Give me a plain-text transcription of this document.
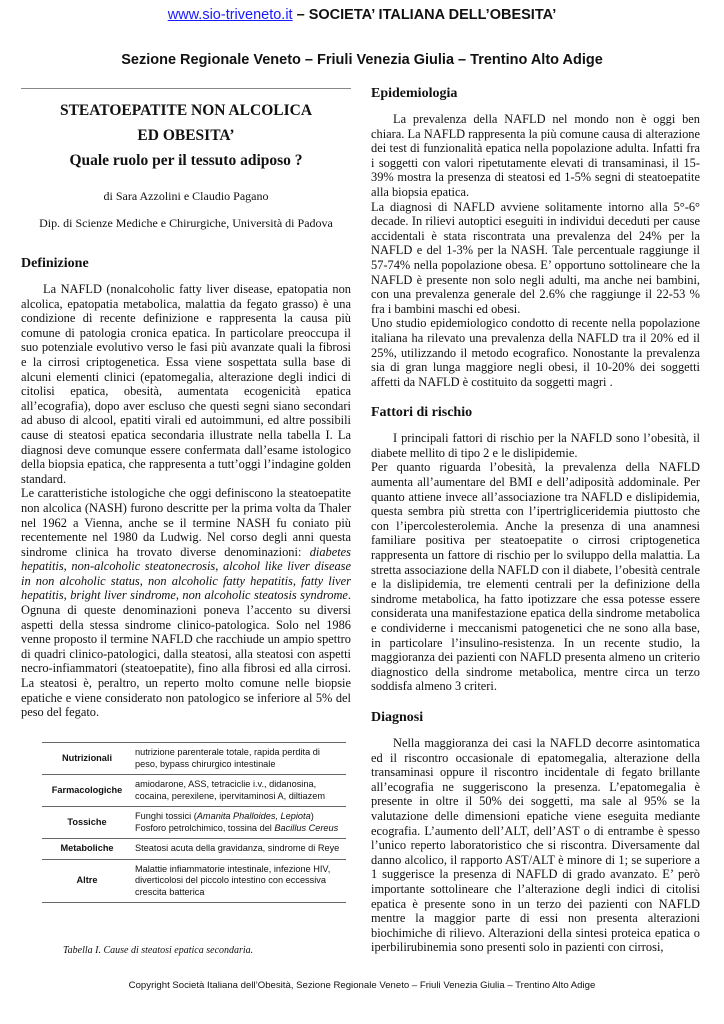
www.sio-triveneto.it – SOCIETA’ ITALIANA DELL’OBESITA’
Sezione Regionale Veneto – Friuli Venezia Giulia – Trentino Alto Adige
STEATOEPATITE NON ALCOLICA
ED OBESITA’
Quale ruolo per il tessuto adiposo ?
di Sara Azzolini e Claudio Pagano
Dip. di Scienze Mediche e Chirurgiche, Università di Padova
Definizione

La NAFLD (nonalcoholic fatty liver disease, epatopatia non alcolica, epatopatia metabolica, malattia da fegato grasso) è una condizione di recente definizione e rappresenta la causa più comune di patologia cronica epatica. In particolare preoccupa il suo potenziale evolutivo verso le fasi più avanzate quali la fibrosi e la cirrosi criptogenetica. Essa viene sospettata sulla base di alcuni elementi clinici (epatomegalia, alterazione degli indici di citolisi epatica, obesità, aumentata ecogenicità epatica all’ecografia), dopo aver escluso che questi segni siano secondari ad abuso di alcool, epatiti virali ed autoimmuni, ed altre possibili cause di steatosi epatica secondaria illustrate nella tabella I. La diagnosi deve comunque essere confermata dall’esame istologico della biopsia epatica, che rappresenta a tutt’oggi l’indagine golden standard.

Le caratteristiche istologiche che oggi definiscono la steatoepatite non alcolica (NASH) furono descritte per la prima volta da Thaler nel 1962 a Vienna, anche se il termine NASH fu coniato più recentemente nel 1980 da Ludwig. Nel corso degli anni questa sindrome clinica ha trovato diverse denominazioni: diabetes hepatitis, non-alcoholic steatonecrosis, alcohol like liver disease in non alcoholic status, non alcoholic fatty hepatitis, fatty liver hepatitis, bright liver sindrome, non alcoholic steatosis syndrome. Ognuna di queste denominazioni poneva l’accento su diversi aspetti della stessa sindrome clinico-patologica. Solo nel 1986 venne proposto il termine NAFLD che racchiude un ampio spettro di quadri clinico-patologici, dalla steatosi, alla steatosi con aspetti necro-infiammatori (steatoepatite), fino alla fibrosi ed alla cirrosi. La steatosi è, peraltro, un reperto molto comune nelle biopsie epatiche e viene considerato non patologico se inferiore al 5% del peso del fegato.

Nutrizionali	nutrizione parenterale totale, rapida perdita di peso, bypass chirurgico intestinale
Farmacologiche	amiodarone, ASS, tetraciclie i.v., didanosina, cocaina, perexilene, ipervitaminosi A, diltiazem
Tossiche	Funghi tossici (Amanita Phalloides, Lepiota) Fosforo petrolchimico, tossina del Bacillus Cereus
Metaboliche	Steatosi acuta della gravidanza, sindrome di Reye
Altre	Malattie infiammatorie intestinale, infezione HIV, diverticolosi del piccolo intestino con eccessiva crescita batterica
Tabella I. Cause di steatosi epatica secondaria.
Epidemiologia

La prevalenza della NAFLD nel mondo non è oggi ben chiara. La NAFLD rappresenta la più comune causa di alterazione dei test di funzionalità epatica nella popolazione adulta. Infatti fra i soggetti con valori ripetutamente elevati di transaminasi, il 15-39% mostra la presenza di steatosi ed 1-5% segni di steatoepatite alla biopsia epatica.

La diagnosi di NAFLD avviene solitamente intorno alla 5°-6° decade. In rilievi autoptici eseguiti in individui deceduti per cause accidentali è stata riscontrata una prevalenza del 24% per la NAFLD e del 1-3% per la NASH. Tale percentuale raggiunge il 57-74% nella popolazione obesa. E’ opportuno sottolineare che la NAFLD è presente non solo negli adulti, ma anche nei bambini, con una prevalenza generale del 2.6% che raggiunge il 22-53 % fra i bambini maschi ed obesi.

Uno studio epidemiologico condotto di recente nella popolazione italiana ha rilevato una prevalenza della NAFLD tra il 20% ed il 25%, utilizzando il metodo ecografico. Nonostante la prevalenza sia di gran lunga maggiore negli obesi, il 10-20% dei soggetti affetti da NAFLD è costituito da soggetti magri .

Fattori di rischio

I principali fattori di rischio per la NAFLD sono l’obesità, il diabete mellito di tipo 2 e le dislipidemie.

Per quanto riguarda l’obesità, la prevalenza della NAFLD aumenta all’aumentare del BMI e dell’adiposità addominale. Per quanto attiene invece all’associazione tra NAFLD e dislipidemia, questa sembra più stretta con l’ipertrigliceridemia piuttosto che con l’ipercolesterolemia. Anche la presenza di una anamnesi familiare positiva per steatoepatite o cirrosi criptogenetica rappresenta un fattore di rischio per lo sviluppo della malattia. La stretta associazione della NAFLD con il diabete, l’obesità centrale e la dislipidemia, tre elementi centrali per la definizione della sindrome metabolica, ha fatto ipotizzare che essa potesse essere considerata una manifestazione epatica della sindrome metabolica e condividerne i meccanismi patogenetici che ne sono alla base, in particolare l’insulino-resistenza. In un recente studio, la maggioranza dei pazienti con NAFLD presenta almeno un criterio diagnostico della sindrome metabolica, mentre circa un terzo soddisfa almeno 3 criteri.

Diagnosi

Nella maggioranza dei casi la NAFLD decorre asintomatica ed il riscontro occasionale di epatomegalia, alterazione della transaminasi oppure il riscontro incidentale di fegato brillante all’ecografia ne suggeriscono la presenza. L’epatomegalia è presente in oltre il 50% dei soggetti, ma sale al 95% se la valutazione delle dimensioni epatiche viene eseguita mediante ecografia. L’aumento dell’ALT, dell’AST o di entrambe è spesso l’unico reperto laboratoristico che si riscontra. Diversamente dal danno alcolico, il rapporto AST/ALT è minore di 1; se superiore a 1 suggerisce la presenza di NAFLD di grado avanzato. E’ però importante sottolineare che l’alterazione degli indici di citolisi epatica è presente sono in un terzo dei pazienti con NAFLD mentre la maggior parte di essi non presenta alterazioni biochimiche di rilievo. Alterazioni della sintesi proteica epatica o iperbilirubinemia sono presenti solo in pazienti con cirrosi,

Copyright Società Italiana dell’Obesità, Sezione Regionale Veneto – Friuli Venezia Giulia – Trentino Alto Adige
